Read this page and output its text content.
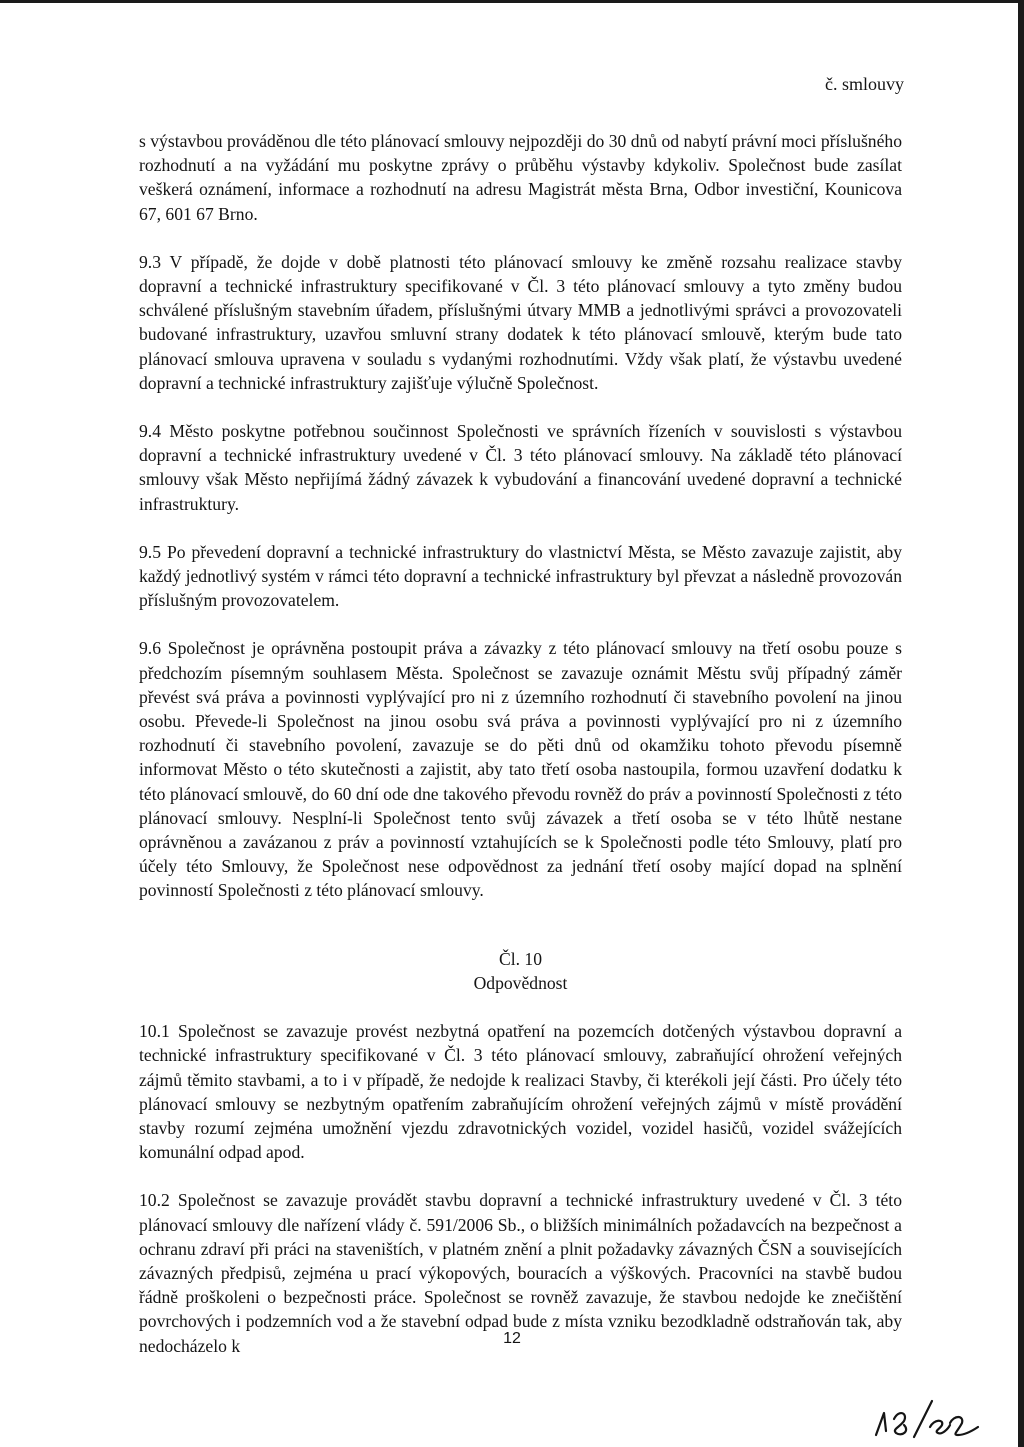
č. smlouvy

s výstavbou prováděnou dle této plánovací smlouvy nejpozději do 30 dnů od nabytí právní moci příslušného rozhodnutí a na vyžádání mu poskytne zprávy o průběhu výstavby kdykoliv. Společnost bude zasílat veškerá oznámení, informace a rozhodnutí na adresu Magistrát města Brna, Odbor investiční, Kounicova 67, 601 67 Brno.

9.3 V případě, že dojde v době platnosti této plánovací smlouvy ke změně rozsahu realizace stavby dopravní a technické infrastruktury specifikované v Čl. 3 této plánovací smlouvy a tyto změny budou schválené příslušným stavebním úřadem, příslušnými útvary MMB a jednotlivými správci a provozovateli budované infrastruktury, uzavřou smluvní strany dodatek k této plánovací smlouvě, kterým bude tato plánovací smlouva upravena v souladu s vydanými rozhodnutími. Vždy však platí, že výstavbu uvedené dopravní a technické infrastruktury zajišťuje výlučně Společnost.

9.4 Město poskytne potřebnou součinnost Společnosti ve správních řízeních v souvislosti s výstavbou dopravní a technické infrastruktury uvedené v Čl. 3 této plánovací smlouvy. Na základě této plánovací smlouvy však Město nepřijímá žádný závazek k vybudování a financování uvedené dopravní a technické infrastruktury.

9.5 Po převedení dopravní a technické infrastruktury do vlastnictví Města, se Město zavazuje zajistit, aby každý jednotlivý systém v rámci této dopravní a technické infrastruktury byl převzat a následně provozován příslušným provozovatelem.

9.6 Společnost je oprávněna postoupit práva a závazky z této plánovací smlouvy na třetí osobu pouze s předchozím písemným souhlasem Města. Společnost se zavazuje oznámit Městu svůj případný záměr převést svá práva a povinnosti vyplývající pro ni z územního rozhodnutí či stavebního povolení na jinou osobu. Převede-li Společnost na jinou osobu svá práva a povinnosti vyplývající pro ni z územního rozhodnutí či stavebního povolení, zavazuje se do pěti dnů od okamžiku tohoto převodu písemně informovat Město o této skutečnosti a zajistit, aby tato třetí osoba nastoupila, formou uzavření dodatku k této plánovací smlouvě, do 60 dní ode dne takového převodu rovněž do práv a povinností Společnosti z této plánovací smlouvy. Nesplní-li Společnost tento svůj závazek a třetí osoba se v této lhůtě nestane oprávněnou a zavázanou z práv a povinností vztahujících se k Společnosti podle této Smlouvy, platí pro účely této Smlouvy, že Společnost nese odpovědnost za jednání třetí osoby mající dopad na splnění povinností Společnosti z této plánovací smlouvy.

Čl. 10

Odpovědnost

10.1 Společnost se zavazuje provést nezbytná opatření na pozemcích dotčených výstavbou dopravní a technické infrastruktury specifikované v Čl. 3 této plánovací smlouvy, zabraňující ohrožení veřejných zájmů těmito stavbami, a to i v případě, že nedojde k realizaci Stavby, či kterékoli její části. Pro účely této plánovací smlouvy se nezbytným opatřením zabraňujícím ohrožení veřejných zájmů v místě provádění stavby rozumí zejména umožnění vjezdu zdravotnických vozidel, vozidel hasičů, vozidel svážejících komunální odpad apod.

10.2 Společnost se zavazuje provádět stavbu dopravní a technické infrastruktury uvedené v Čl. 3 této plánovací smlouvy dle nařízení vlády č. 591/2006 Sb., o bližších minimálních požadavcích na bezpečnost a ochranu zdraví při práci na staveništích, v platném znění a plnit požadavky závazných ČSN a souvisejících závazných předpisů, zejména u prací výkopových, bouracích a výškových. Pracovníci na stavbě budou řádně proškoleni o bezpečnosti práce. Společnost se rovněž zavazuje, že stavbou nedojde ke znečištění povrchových i podzemních vod a že stavební odpad bude z místa vzniku bezodkladně odstraňován tak, aby nedocházelo k	12
